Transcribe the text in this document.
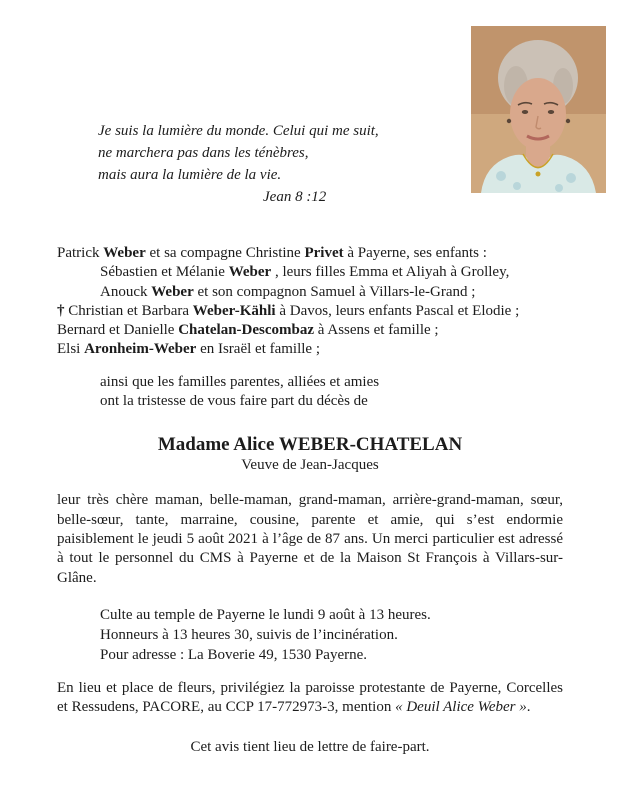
Je suis la lumière du monde. Celui qui me suit,
ne marchera pas dans les ténèbres,
mais aura la lumière de la vie.
Jean 8 :12
Patrick Weber et sa compagne Christine Privet à Payerne, ses enfants :
Sébastien et Mélanie Weber , leurs filles Emma et Aliyah à Grolley,
Anouck Weber et son compagnon Samuel à Villars-le-Grand ;
† Christian et Barbara Weber-Kähli à Davos, leurs enfants Pascal et Elodie ;
Bernard et Danielle Chatelan-Descombaz à Assens et famille ;
Elsi Aronheim-Weber en Israël et famille ;
ainsi que les familles parentes, alliées et amies
ont la tristesse de vous faire part du décès de
Madame Alice WEBER-CHATELAN
Veuve de Jean-Jacques

leur très chère maman, belle-maman, grand-maman, arrière-grand-maman, sœur, belle-sœur, tante, marraine, cousine, parente et amie, qui s’est endormie paisiblement le jeudi 5 août 2021 à l’âge de 87 ans. Un merci particulier est adressé à tout le personnel du CMS à Payerne et de la Maison St François à Villars-sur-Glâne.

Culte au temple de Payerne le lundi 9 août à 13 heures.
Honneurs à 13 heures 30, suivis de l’incinération.
Pour adresse : La Boverie 49, 1530 Payerne.

En lieu et place de fleurs, privilégiez la paroisse protestante de Payerne, Corcelles et Ressudens, PACORE, au CCP 17-772973-3, mention « Deuil Alice Weber ».

Cet avis tient lieu de lettre de faire-part.
